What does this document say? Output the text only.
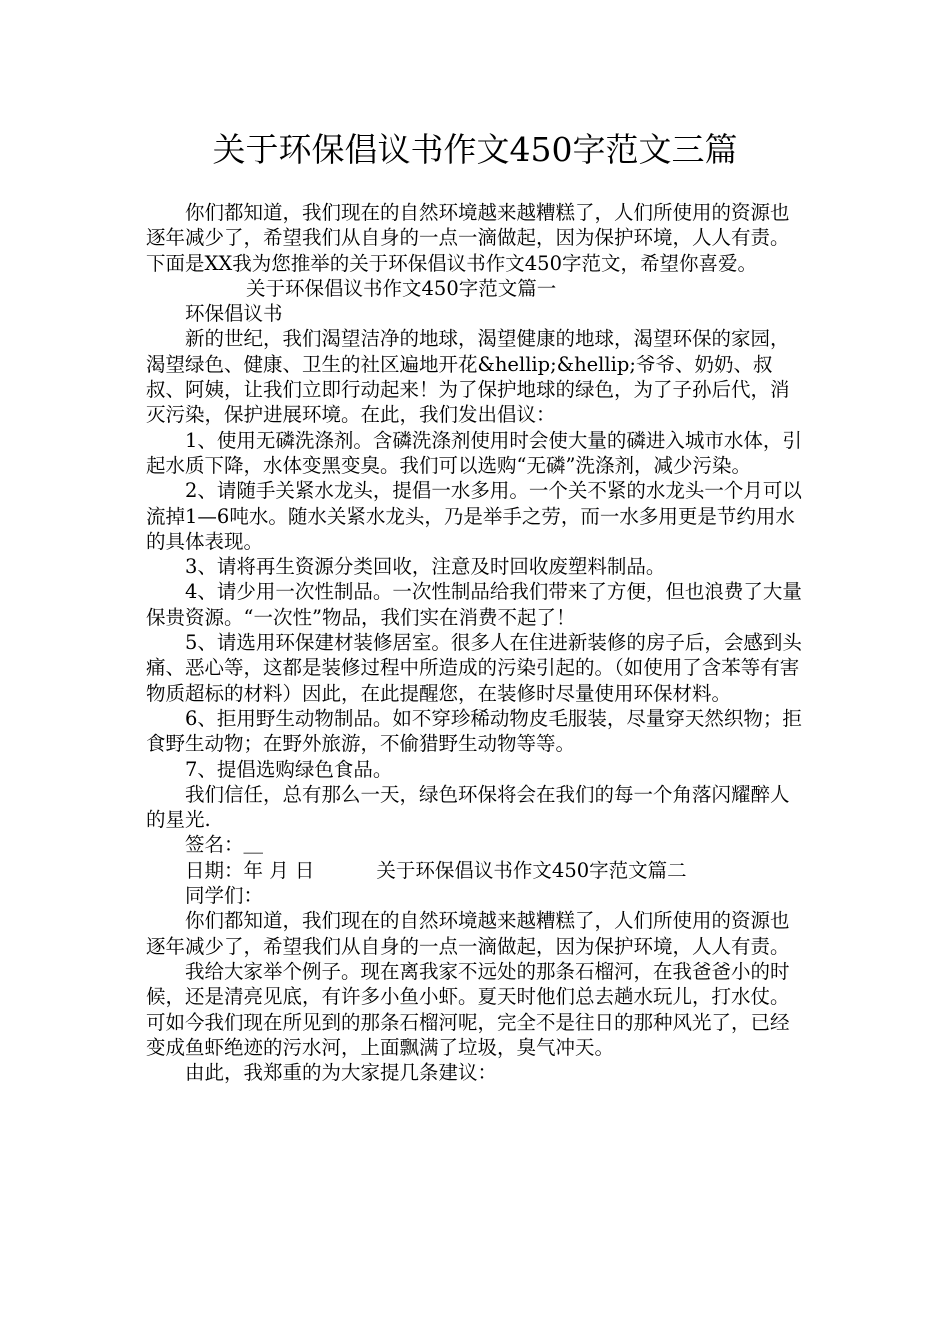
关于环保倡议书作文450字范文三篇

你们都知道，我们现在的自然环境越来越糟糕了，人们所使用的资源也逐年减少了，希望我们从自身的一点一滴做起，因为保护环境，人人有责。下面是XX我为您推举的关于环保倡议书作文450字范文，希望你喜爱。

关于环保倡议书作文450字范文篇一

环保倡议书

新的世纪，我们渴望洁净的地球，渴望健康的地球，渴望环保的家园，渴望绿色、健康、卫生的社区遍地开花&hellip;&hellip;爷爷、奶奶、叔叔、阿姨，让我们立即行动起来！为了保护地球的绿色，为了子孙后代，消灭污染，保护进展环境。在此，我们发出倡议：

1、使用无磷洗涤剂。含磷洗涤剂使用时会使大量的磷进入城市水体，引起水质下降，水体变黑变臭。我们可以选购“无磷”洗涤剂，减少污染。

2、请随手关紧水龙头，提倡一水多用。一个关不紧的水龙头一个月可以流掉1—6吨水。随水关紧水龙头，乃是举手之劳，而一水多用更是节约用水的具体表现。

3、请将再生资源分类回收，注意及时回收废塑料制品。

4、请少用一次性制品。一次性制品给我们带来了方便，但也浪费了大量保贵资源。“一次性”物品，我们实在消费不起了！

5、请选用环保建材装修居室。很多人在住进新装修的房子后，会感到头痛、恶心等，这都是装修过程中所造成的污染引起的。（如使用了含苯等有害物质超标的材料）因此，在此提醒您，在装修时尽量使用环保材料。

6、拒用野生动物制品。如不穿珍稀动物皮毛服装，尽量穿天然织物；拒食野生动物；在野外旅游，不偷猎野生动物等等。

7、提倡选购绿色食品。

我们信任，总有那么一天，绿色环保将会在我们的每一个角落闪耀醉人的星光.

签名：＿

日期：年 月 日	关于环保倡议书作文450字范文篇二

同学们：

你们都知道，我们现在的自然环境越来越糟糕了，人们所使用的资源也逐年减少了，希望我们从自身的一点一滴做起，因为保护环境，人人有责。

我给大家举个例子。现在离我家不远处的那条石榴河，在我爸爸小的时候，还是清亮见底，有许多小鱼小虾。夏天时他们总去趟水玩儿，打水仗。可如今我们现在所见到的那条石榴河呢，完全不是往日的那种风光了，已经变成鱼虾绝迹的污水河，上面飘满了垃圾，臭气冲天。

由此，我郑重的为大家提几条建议：
